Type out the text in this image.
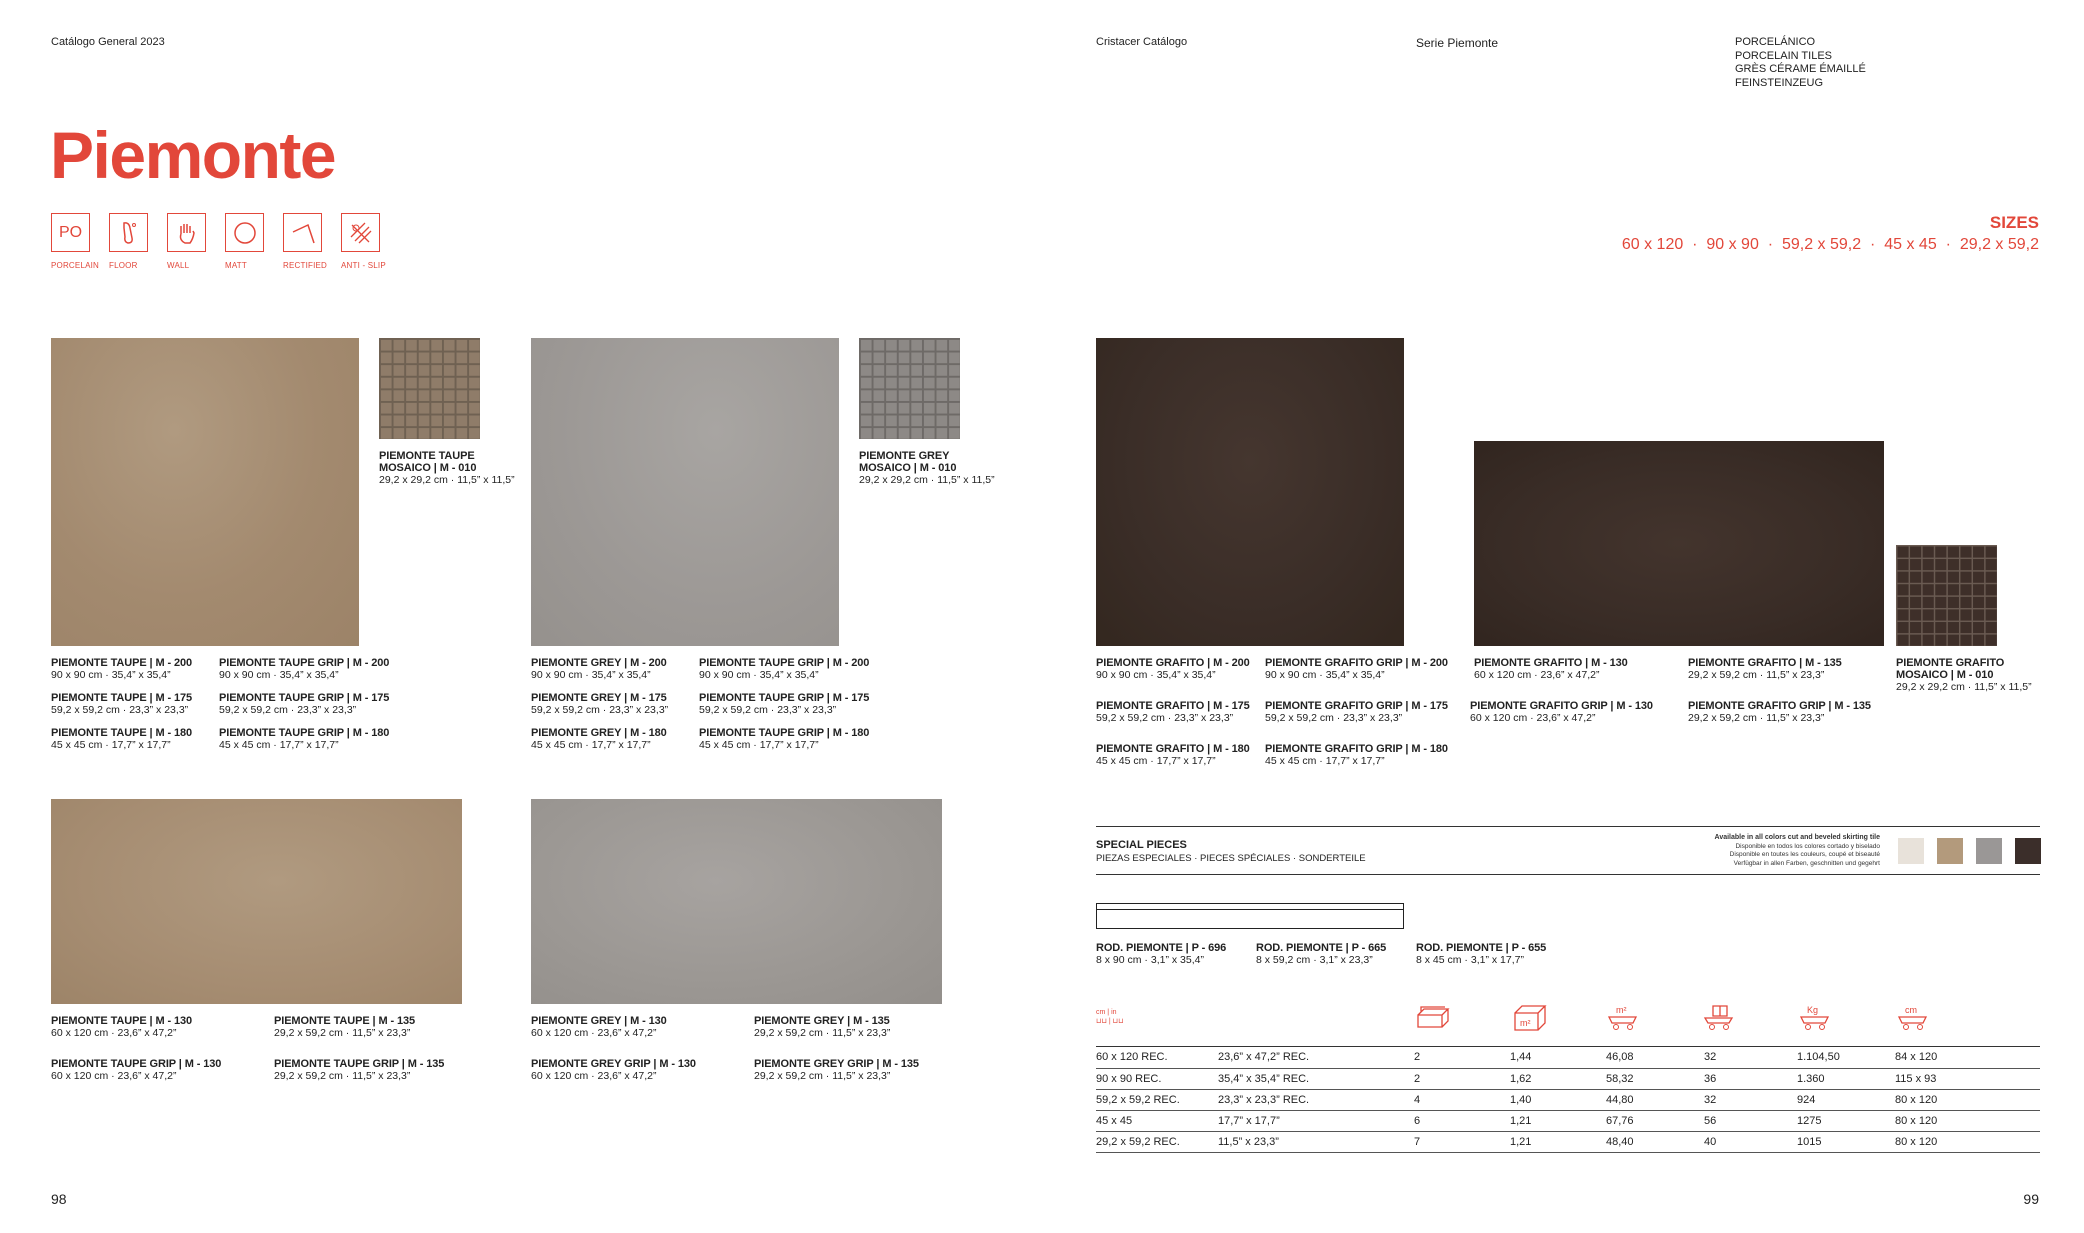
Catálogo General 2023
Piemonte
PO
PORCELAIN FLOOR	WALL	MATT	RECTIFIED ANTI - SLIP
PIEMONTE TAUPE
MOSAICO | M - 010
29,2 x 29,2 cm · 11,5” x 11,5”
PIEMONTE GREY
MOSAICO | M - 010
29,2 x 29,2 cm · 11,5” x 11,5”
PIEMONTE TAUPE | M - 200
90 x 90 cm · 35,4” x 35,4”
PIEMONTE TAUPE GRIP | M - 200
90 x 90 cm · 35,4” x 35,4”
PIEMONTE TAUPE | M - 175
59,2 x 59,2 cm · 23,3” x 23,3”
PIEMONTE TAUPE GRIP | M - 175
59,2 x 59,2 cm · 23,3” x 23,3”
PIEMONTE TAUPE | M - 180
45 x 45 cm · 17,7” x 17,7”
PIEMONTE TAUPE GRIP | M - 180
45 x 45 cm · 17,7” x 17,7”
PIEMONTE GREY | M - 200
90 x 90 cm · 35,4” x 35,4”
PIEMONTE TAUPE GRIP | M - 200
90 x 90 cm · 35,4” x 35,4”
PIEMONTE GREY | M - 175
59,2 x 59,2 cm · 23,3” x 23,3”
PIEMONTE TAUPE GRIP | M - 175
59,2 x 59,2 cm · 23,3” x 23,3”
PIEMONTE GREY | M - 180
45 x 45 cm · 17,7” x 17,7”
PIEMONTE TAUPE GRIP | M - 180
45 x 45 cm · 17,7” x 17,7”
PIEMONTE TAUPE | M - 130
60 x 120 cm · 23,6” x 47,2”
PIEMONTE TAUPE | M - 135
29,2 x 59,2 cm · 11,5” x 23,3”
PIEMONTE TAUPE GRIP | M - 130
60 x 120 cm · 23,6” x 47,2”
PIEMONTE TAUPE GRIP | M - 135
29,2 x 59,2 cm · 11,5” x 23,3”
PIEMONTE GREY | M - 130
60 x 120 cm · 23,6” x 47,2”
PIEMONTE GREY | M - 135
29,2 x 59,2 cm · 11,5” x 23,3”
PIEMONTE GREY GRIP | M - 130
60 x 120 cm · 23,6” x 47,2”
PIEMONTE GREY GRIP | M - 135
29,2 x 59,2 cm · 11,5” x 23,3”
98
Cristacer Catálogo	Serie Piemonte	PORCELÁNICO
PORCELAIN TILES
GRÈS CÉRAME ÉMAILLÉ
FEINSTEINZEUG
SIZES
60 x 120  ·  90 x 90  ·  59,2 x 59,2  ·  45 x 45  ·  29,2 x 59,2
PIEMONTE GRAFITO | M - 200
90 x 90 cm · 35,4” x 35,4”
PIEMONTE GRAFITO GRIP | M - 200
90 x 90 cm · 35,4” x 35,4”
PIEMONTE GRAFITO | M - 175
59,2 x 59,2 cm · 23,3” x 23,3”
PIEMONTE GRAFITO GRIP | M - 175
59,2 x 59,2 cm · 23,3” x 23,3”
PIEMONTE GRAFITO | M - 180
45 x 45 cm · 17,7” x 17,7”
PIEMONTE GRAFITO GRIP | M - 180
45 x 45 cm · 17,7” x 17,7”
PIEMONTE GRAFITO | M - 130
60 x 120 cm · 23,6” x 47,2”
PIEMONTE GRAFITO | M - 135
29,2 x 59,2 cm · 11,5” x 23,3”
PIEMONTE GRAFITO GRIP | M - 130
60 x 120 cm · 23,6” x 47,2”
PIEMONTE GRAFITO GRIP | M - 135
29,2 x 59,2 cm · 11,5” x 23,3”
PIEMONTE GRAFITO
MOSAICO | M - 010
29,2 x 29,2 cm · 11,5” x 11,5”
SPECIAL PIECES
PIEZAS ESPECIALES · PIECES SPÉCIALES · SONDERTEILE
Available in all colors cut and beveled skirting tile
Disponible en todos los colores cortado y biselado
Disponible en toutes les couleurs, coupé et biseauté
Verfügbar in allen Farben, geschnitten und gegehrt
ROD. PIEMONTE | P - 696
8 x 90 cm · 3,1” x 35,4”
ROD. PIEMONTE | P - 665
8 x 59,2 cm · 3,1” x 23,3”
ROD. PIEMONTE | P - 655
8 x 45 cm · 3,1” x 17,7”
cm | in
⊔⊔ | ⊔⊔	m²
m²	Kg	cm
60 x 120 REC.	23,6” x 47,2” REC.	2	1,44	46,08	32	1.104,50	84 x 120
90 x 90 REC.	35,4” x 35,4” REC.	2	1,62	58,32	36	1.360	115 x 93
59,2 x 59,2 REC.	23,3” x 23,3” REC.	4	1,40	44,80	32	924	80 x 120
45 x 45	17,7” x 17,7”	6	1,21	67,76	56	1275	80 x 120
29,2 x 59,2 REC.	11,5” x 23,3”	7	1,21	48,40	40	1015	80 x 120
99
